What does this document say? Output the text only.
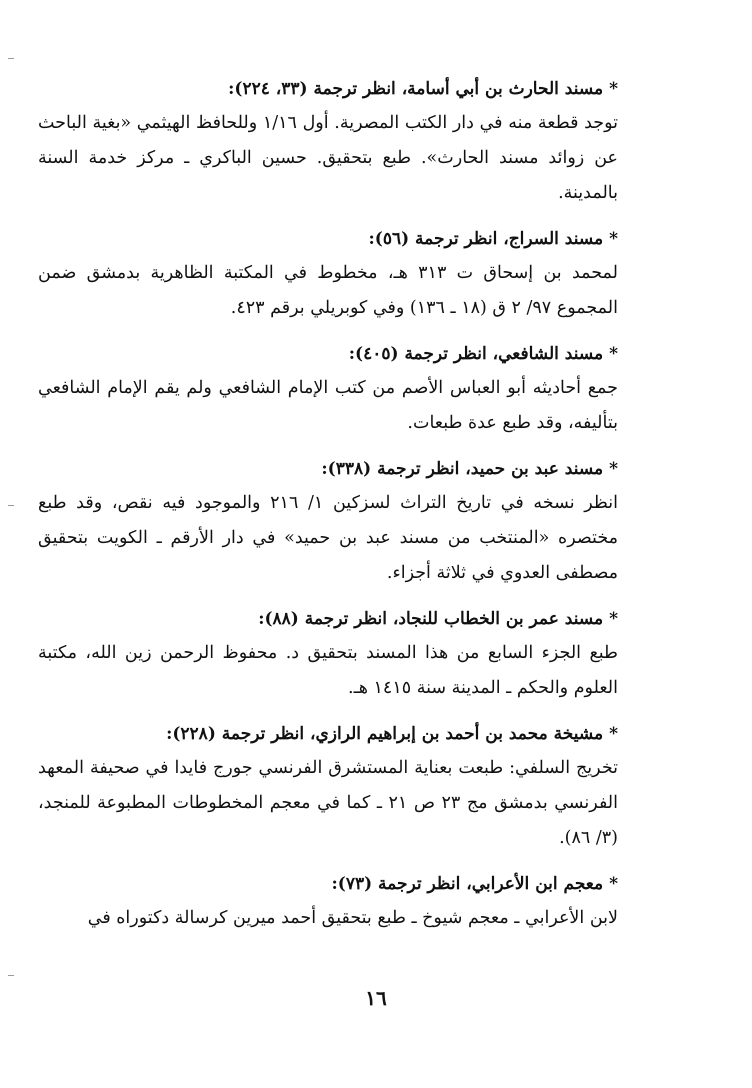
*مسند الحارث بن أبي أسامة، انظر ترجمة (٣٣، ٢٢٤):

توجد قطعة منه في دار الكتب المصرية. أول ١/١٦ وللحافظ الهيثمي «بغية الباحث عن زوائد مسند الحارث». طبع بتحقيق. حسين الباكري ـ مركز خدمة السنة بالمدينة.

*مسند السراج، انظر ترجمة (٥٦):

لمحمد بن إسحاق ت ٣١٣ هـ، مخطوط في المكتبة الظاهرية بدمشق ضمن المجموع ٩٧/ ٢ ق (١٨ ـ ١٣٦) وفي كوبريلي برقم ٤٢٣.

*مسند الشافعي، انظر ترجمة (٤٠٥):

جمع أحاديثه أبو العباس الأصم من كتب الإمام الشافعي ولم يقم الإمام الشافعي بتأليفه، وقد طبع عدة طبعات.

*مسند عبد بن حميد، انظر ترجمة (٣٣٨):

انظر نسخه في تاريخ التراث لسزكين ١/ ٢١٦ والموجود فيه نقص، وقد طبع مختصره «المنتخب من مسند عبد بن حميد» في دار الأرقم ـ الكويت بتحقيق مصطفى العدوي في ثلاثة أجزاء.

*مسند عمر بن الخطاب للنجاد، انظر ترجمة (٨٨):

طبع الجزء السابع من هذا المسند بتحقيق د. محفوظ الرحمن زين الله، مكتبة العلوم والحكم ـ المدينة سنة ١٤١٥ هـ.

*مشيخة محمد بن أحمد بن إبراهيم الرازي، انظر ترجمة (٢٢٨):

تخريج السلفي: طبعت بعناية المستشرق الفرنسي جورج فايدا في صحيفة المعهد الفرنسي بدمشق مج ٢٣ ص ٢١ ـ كما في معجم المخطوطات المطبوعة للمنجد، (٣/ ٨٦).

*معجم ابن الأعرابي، انظر ترجمة (٧٣):

لابن الأعرابي ـ معجم شيوخ ـ طبع بتحقيق أحمد ميرين كرسالة دكتوراه في

١٦
